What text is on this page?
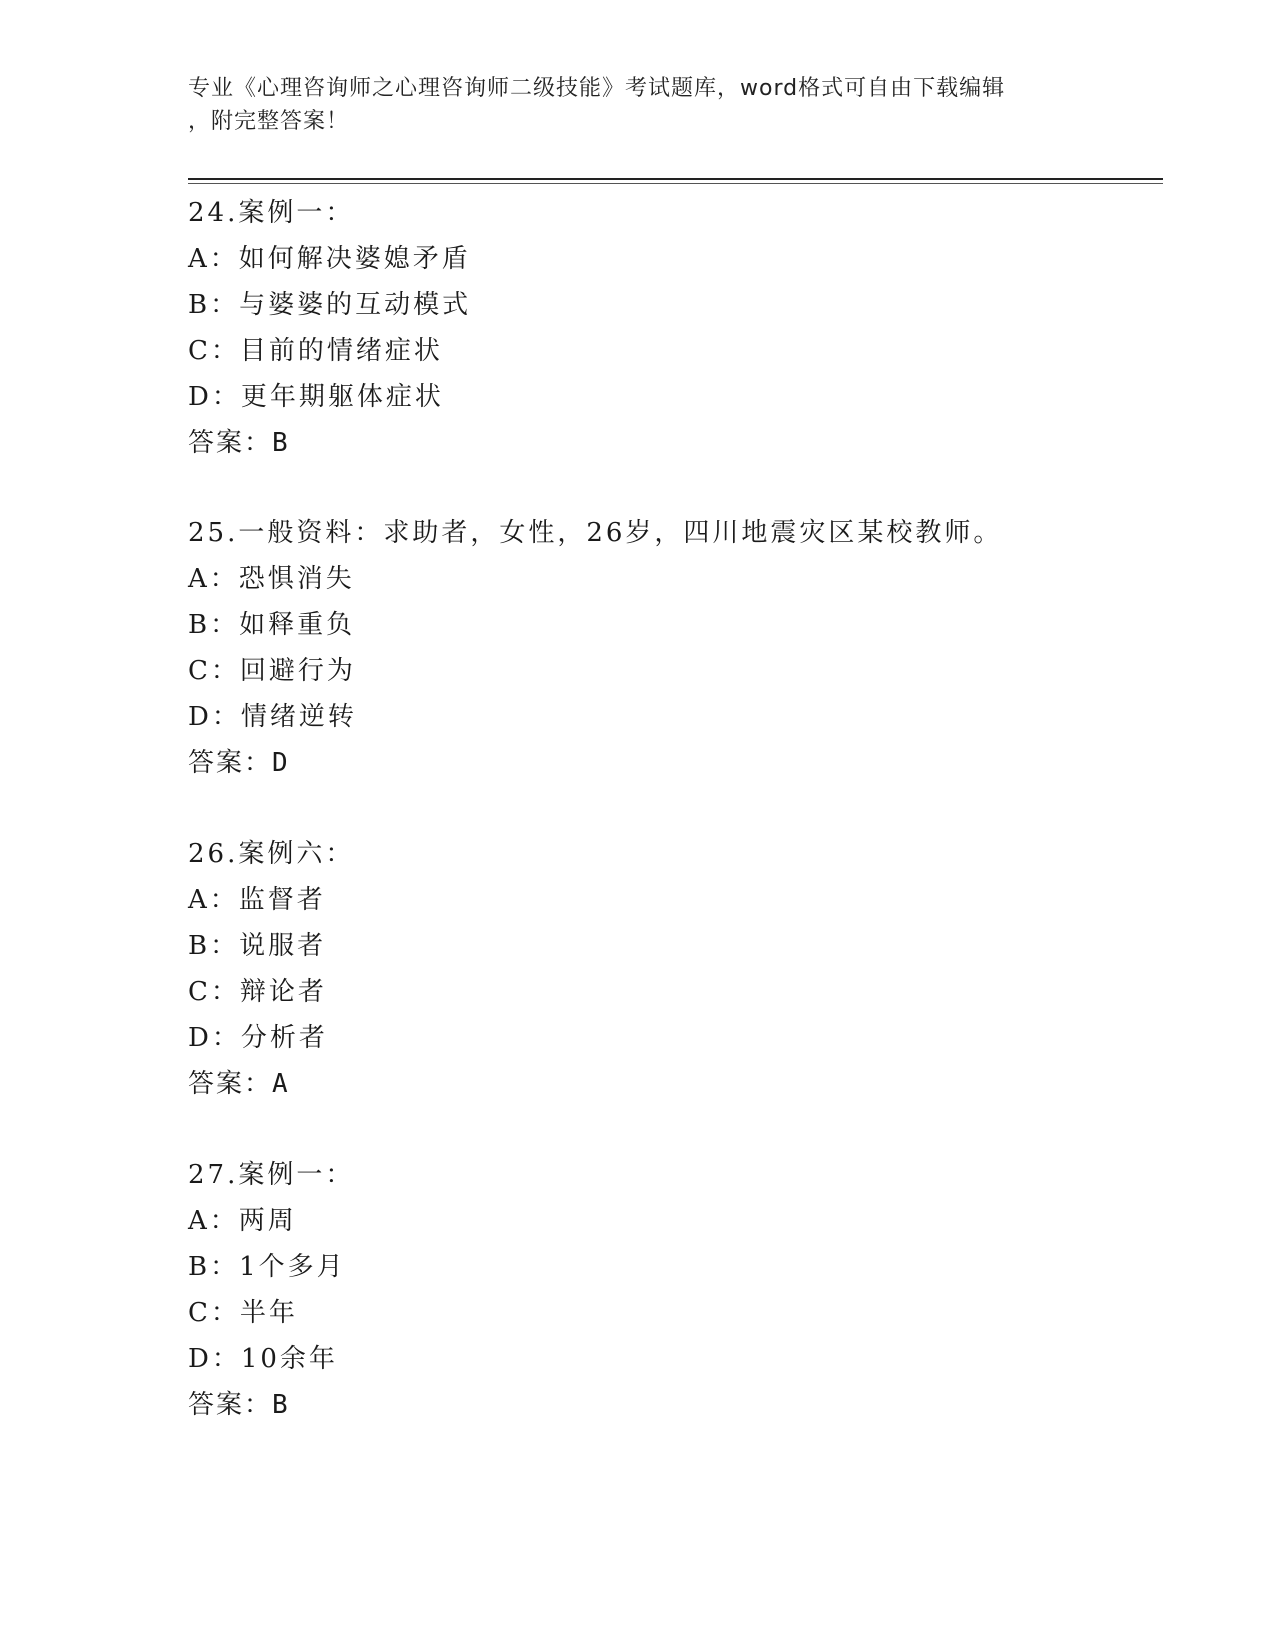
专业《心理咨询师之心理咨询师二级技能》考试题库，word格式可自由下载编辑
，附完整答案！
24.案例一：
A：如何解决婆媳矛盾
B：与婆婆的互动模式
C：目前的情绪症状
D：更年期躯体症状
答案：B
25.一般资料：求助者，女性，26岁，四川地震灾区某校教师。
A：恐惧消失
B：如释重负
C：回避行为
D：情绪逆转
答案：D
26.案例六：
A：监督者
B：说服者
C：辩论者
D：分析者
答案：A
27.案例一：
A：两周
B：1个多月
C：半年
D：10余年
答案：B
